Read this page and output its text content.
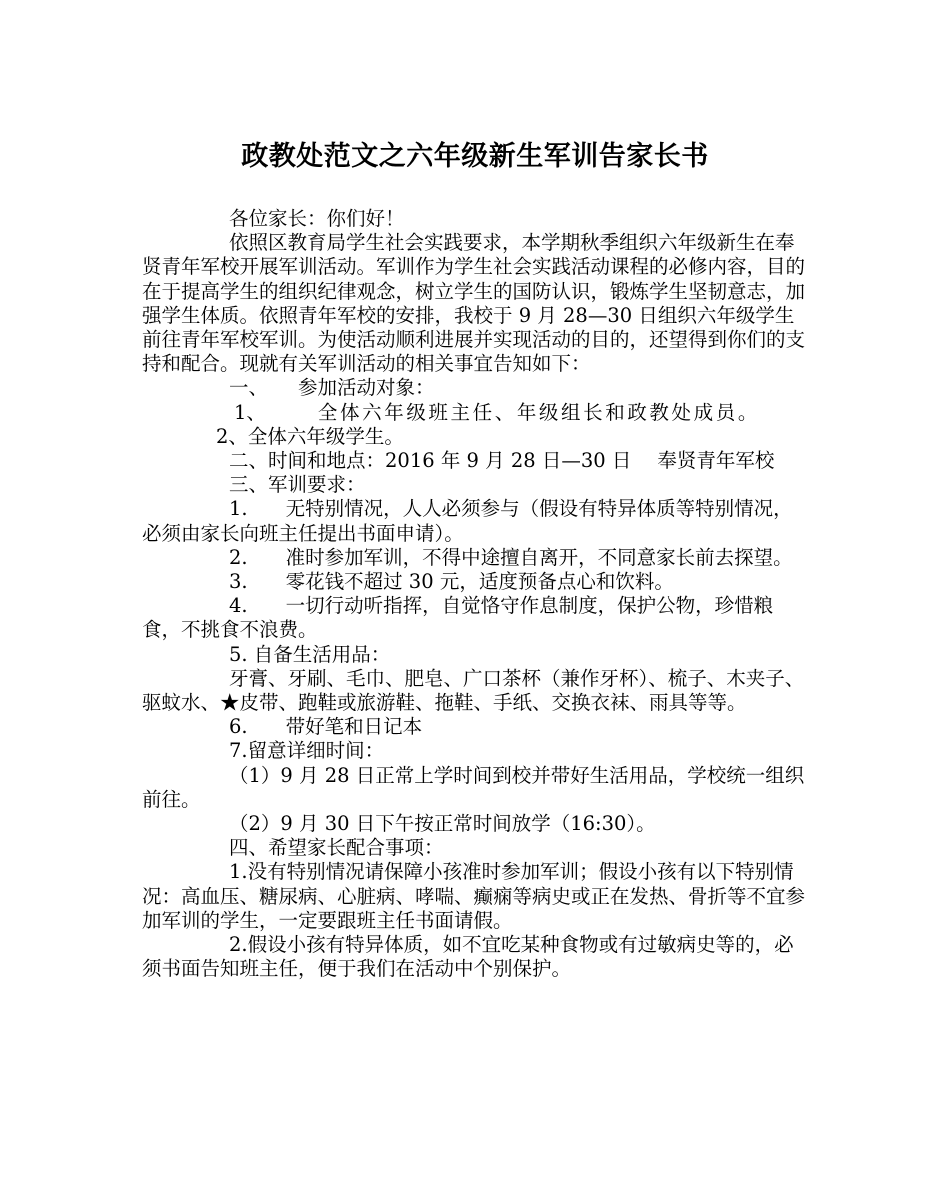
政教处范文之六年级新生军训告家长书

各位家长：你们好！

依照区教育局学生社会实践要求，本学期秋季组织六年级新生在奉贤青年军校开展军训活动。军训作为学生社会实践活动课程的必修内容，目的在于提高学生的组织纪律观念，树立学生的国防认识，锻炼学生坚韧意志，加强学生体质。依照青年军校的安排，我校于 9 月 28—30 日组织六年级学生前往青年军校军训。为使活动顺利进展并实现活动的目的，还望得到你们的支持和配合。现就有关军训活动的相关事宜告知如下：

一、 参加活动对象：

1、	全体六年级班主任、年级组长和政教处成员。

2、全体六年级学生。

二、时间和地点：2016 年 9 月 28 日—30 日 奉贤青年军校

三、军训要求：

1. 无特别情况，人人必须参与（假设有特异体质等特别情况，必须由家长向班主任提出书面申请）。

2. 准时参加军训，不得中途擅自离开，不同意家长前去探望。

3. 零花钱不超过 30 元，适度预备点心和饮料。

4. 一切行动听指挥，自觉恪守作息制度，保护公物，珍惜粮食，不挑食不浪费。

5. 自备生活用品：

牙膏、牙刷、毛巾、肥皂、广口茶杯（兼作牙杯）、梳子、木夹子、驱蚊水、★皮带、跑鞋或旅游鞋、拖鞋、手纸、交换衣袜、雨具等等。

6. 带好笔和日记本

7.留意详细时间：

（1）9 月 28 日正常上学时间到校并带好生活用品，学校统一组织前往。

（2）9 月 30 日下午按正常时间放学（16:30）。

四、希望家长配合事项：

1.没有特别情况请保障小孩准时参加军训；假设小孩有以下特别情况：高血压、糖尿病、心脏病、哮喘、癫痫等病史或正在发热、骨折等不宜参加军训的学生，一定要跟班主任书面请假。

2.假设小孩有特异体质，如不宜吃某种食物或有过敏病史等的，必须书面告知班主任，便于我们在活动中个别保护。
